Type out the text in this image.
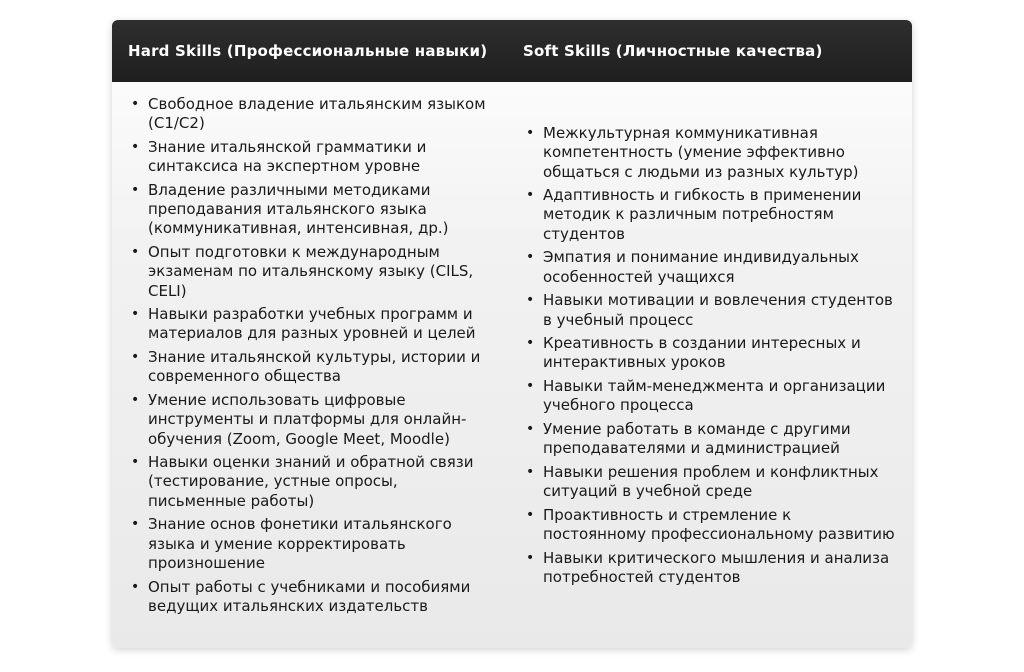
Hard Skills (Профессиональные навыки) Soft Skills (Личностные качества)
• Свободное владение итальянским языком (C1/C2)
• Знание итальянской грамматики и синтаксиса на экспертном уровне
• Владение различными методиками преподавания итальянского языка (коммуникативная, интенсивная, др.)
• Опыт подготовки к международным экзаменам по итальянскому языку (CILS, CELI)
• Навыки разработки учебных программ и материалов для разных уровней и целей
• Знание итальянской культуры, истории и современного общества
• Умение использовать цифровые инструменты и платформы для онлайн-обучения (Zoom, Google Meet, Moodle)
• Навыки оценки знаний и обратной связи (тестирование, устные опросы, письменные работы)
• Знание основ фонетики итальянского языка и умение корректировать произношение
• Опыт работы с учебниками и пособиями ведущих итальянских издательств
• Межкультурная коммуникативная компетентность (умение эффективно общаться с людьми из разных культур)
• Адаптивность и гибкость в применении методик к различным потребностям студентов
• Эмпатия и понимание индивидуальных особенностей учащихся
• Навыки мотивации и вовлечения студентов в учебный процесс
• Креативность в создании интересных и интерактивных уроков
• Навыки тайм-менеджмента и организации учебного процесса
• Умение работать в команде с другими преподавателями и администрацией
• Навыки решения проблем и конфликтных ситуаций в учебной среде
• Проактивность и стремление к постоянному профессиональному развитию
• Навыки критического мышления и анализа потребностей студентов
